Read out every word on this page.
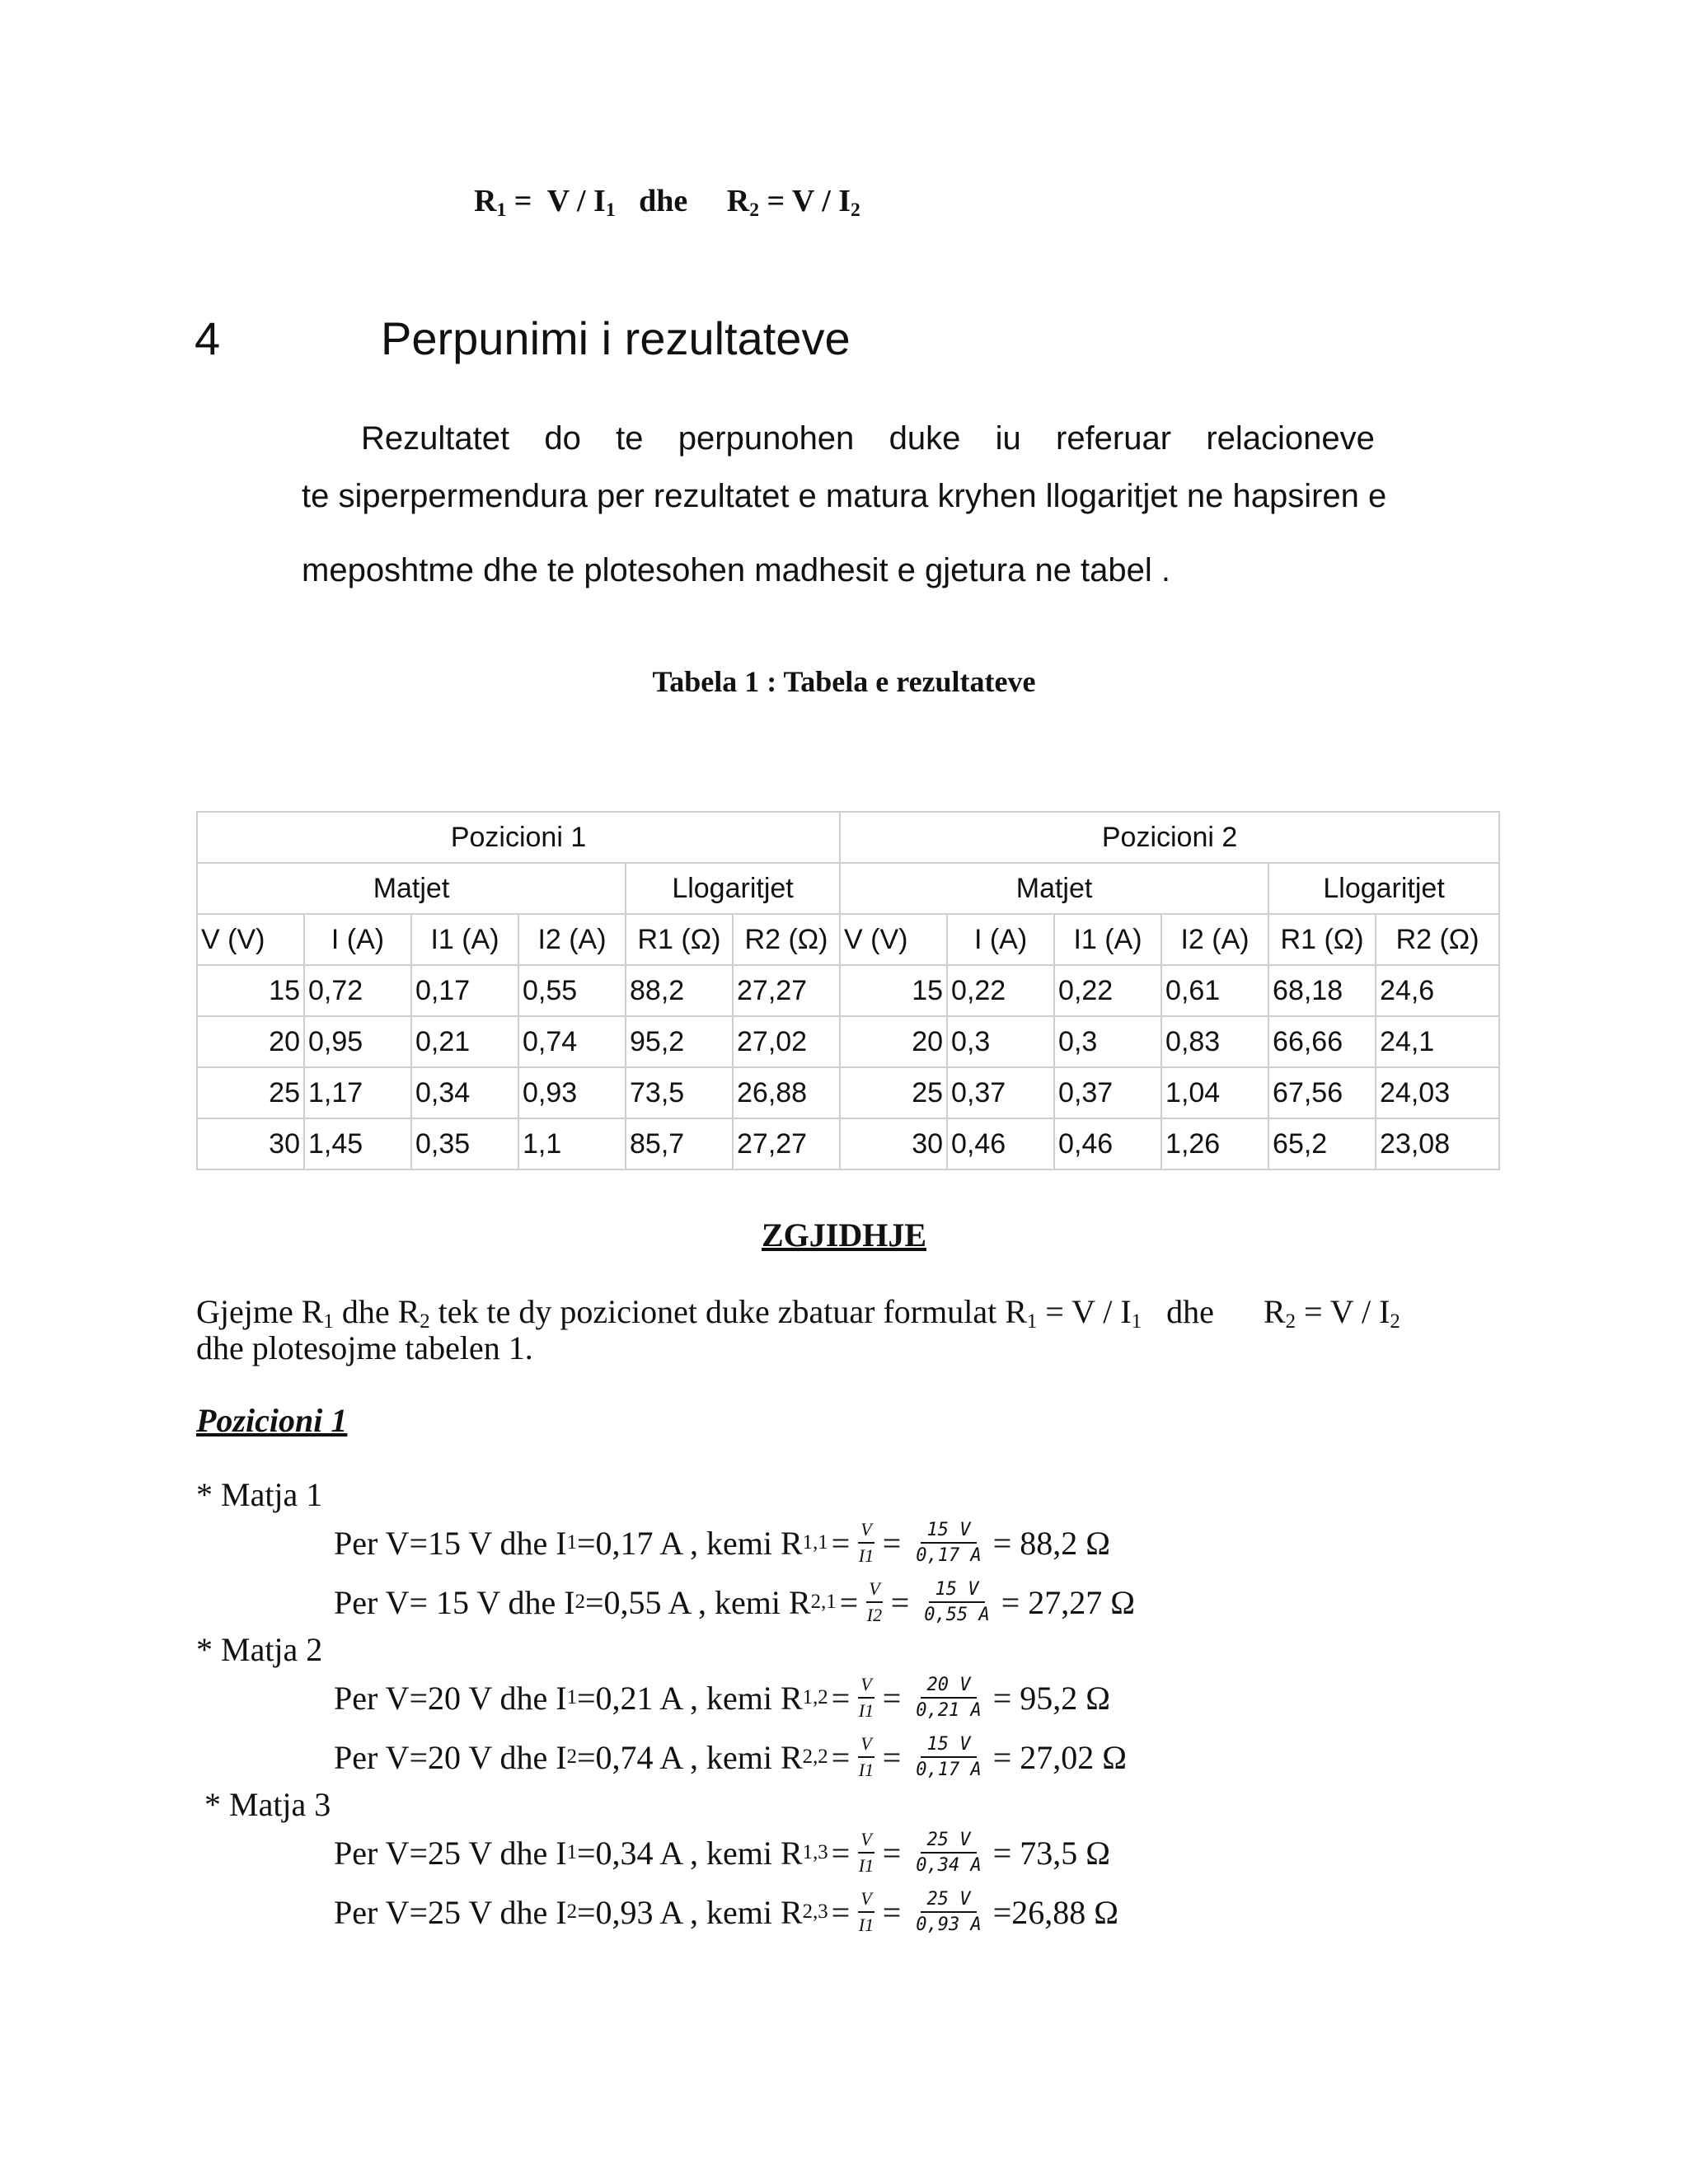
$R_1 = V / I_1$   dhe     $R_2 = V / I_2$
4	Perpunimi i rezultateve
Rezultatet do te perpunohen duke iu referuar relacioneve
te siperpermendura per rezultatet e matura kryhen llogaritjet ne hapsiren e
meposhtme dhe te plotesohen madhesit e gjetura ne tabel .
Tabela 1 : Tabela e rezultateve
Pozicioni 1						Pozicioni 2					
Matjet				Llogaritjet		Matjet				Llogaritjet	
V (V)	I (A)	I1 (A)	I2 (A)	R1 (Ω)	R2 (Ω)	V (V)	I (A)	I1 (A)	I2 (A)	R1 (Ω)	R2 (Ω)
15	0,72	0,17	0,55	88,2	27,27	15	0,22	0,22	0,61	68,18	24,6
20	0,95	0,21	0,74	95,2	27,02	20	0,3	0,3	0,83	66,66	24,1
25	1,17	0,34	0,93	73,5	26,88	25	0,37	0,37	1,04	67,56	24,03
30	1,45	0,35	1,1	85,7	27,27	30	0,46	0,46	1,26	65,2	23,08
ZGJIDHJE
Gjejme $R_1$ dhe $R_2$ tek te dy pozicionet duke zbatuar formulat $R_1 = V / I_1$   dhe      $R_2 = V / I_2$
dhe plotesojme tabelen 1.
Pozicioni 1
* Matja 1
Per V=15 V dhe I 1 =0,17 A , kemi R $1,1 = \frac{V}{I1} = \frac{15 V}{0,17 A} = 88,2$ Ω
Per V= 15 V dhe I 2 =0,55 A , kemi R $2,1 = \frac{V}{I2} = \frac{15 V}{0,55 A} = 27,27$ Ω
* Matja 2
Per V=20 V dhe I 1 =0,21 A , kemi R $1,2 = \frac{V}{I1} = \frac{20 V}{0,21 A} = 95,2$ Ω
Per V=20 V dhe I 2 =0,74 A , kemi R $2,2 = \frac{V}{I1} = \frac{15 V}{0,17 A} = 27,02$ Ω
* Matja 3
Per V=25 V dhe I 1 =0,34 A , kemi R $1,3 = \frac{V}{I1} = \frac{25 V}{0,34 A} = 73,5$ Ω
Per V=25 V dhe I 2 =0,93 A , kemi R $2,3 = \frac{V}{I1} = \frac{25 V}{0,93 A} =26,88$ Ω
